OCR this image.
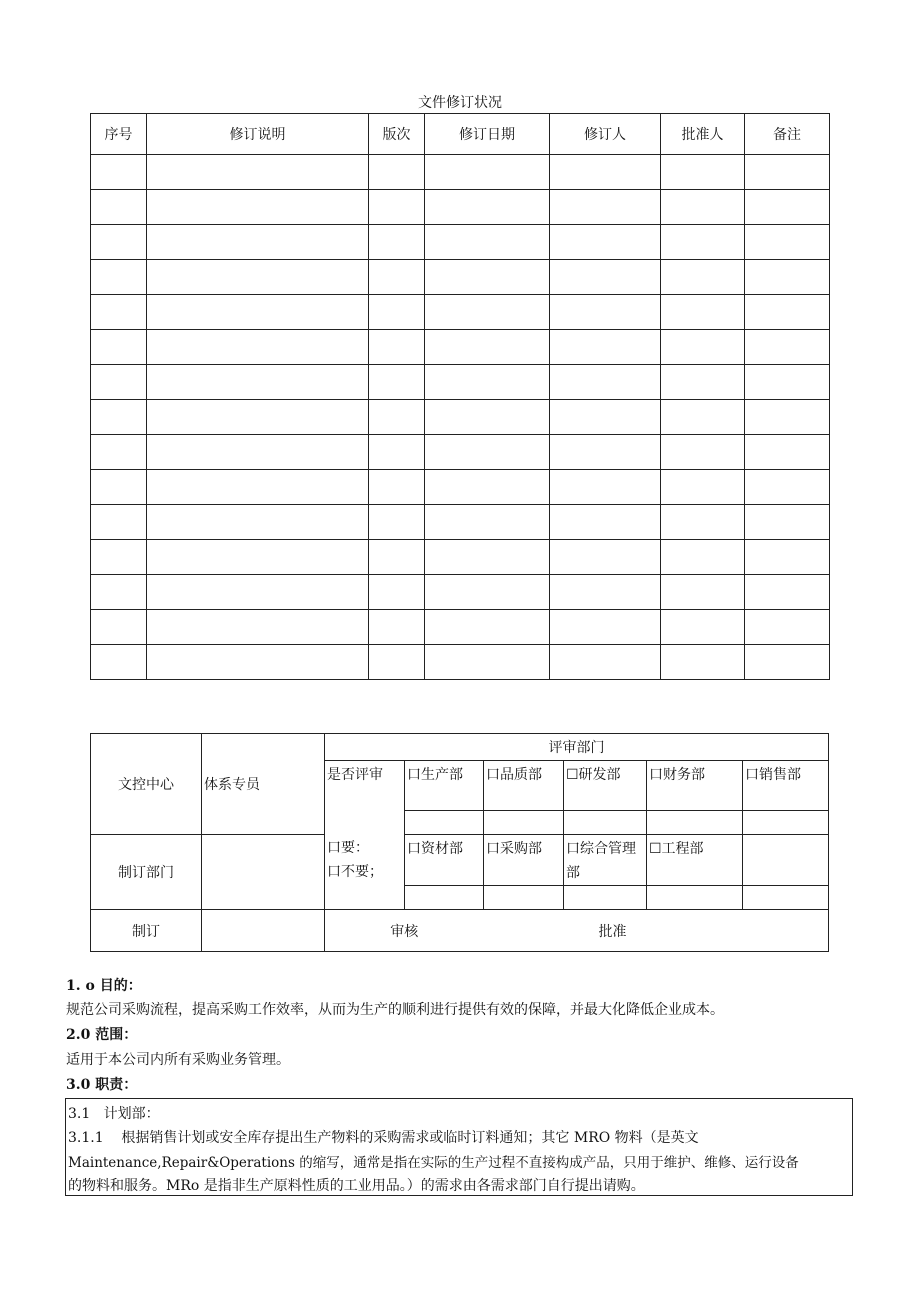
文件修订状况
序号	修订说明	版次	修订日期	修订人	批准人	备注

文控中心	体系专员	评审部门					
		是否评审	口生产部	口品质部	☐研发部	口财务部	口销售部

		口要：
口不要；					

制订部门			口资材部	口采购部	口综合管理部	☐工程部	

制订		审核		批准			
1. o 目的：
规范公司采购流程，提高采购工作效率，从而为生产的顺利进行提供有效的保障，并最大化降低企业成本。
2.0 范围：
适用于本公司内所有采购业务管理。
3.0 职责：
3.1   计划部：
3.1.1    根据销售计划或安全库存提出生产物料的采购需求或临时订料通知；其它 MRO 物料（是英文
Maintenance,Repair&Operations 的缩写，通常是指在实际的生产过程不直接构成产品，只用于维护、维修、运行设备
的物料和服务。MRo 是指非生产原料性质的工业用品。）的需求由各需求部门自行提出请购。
